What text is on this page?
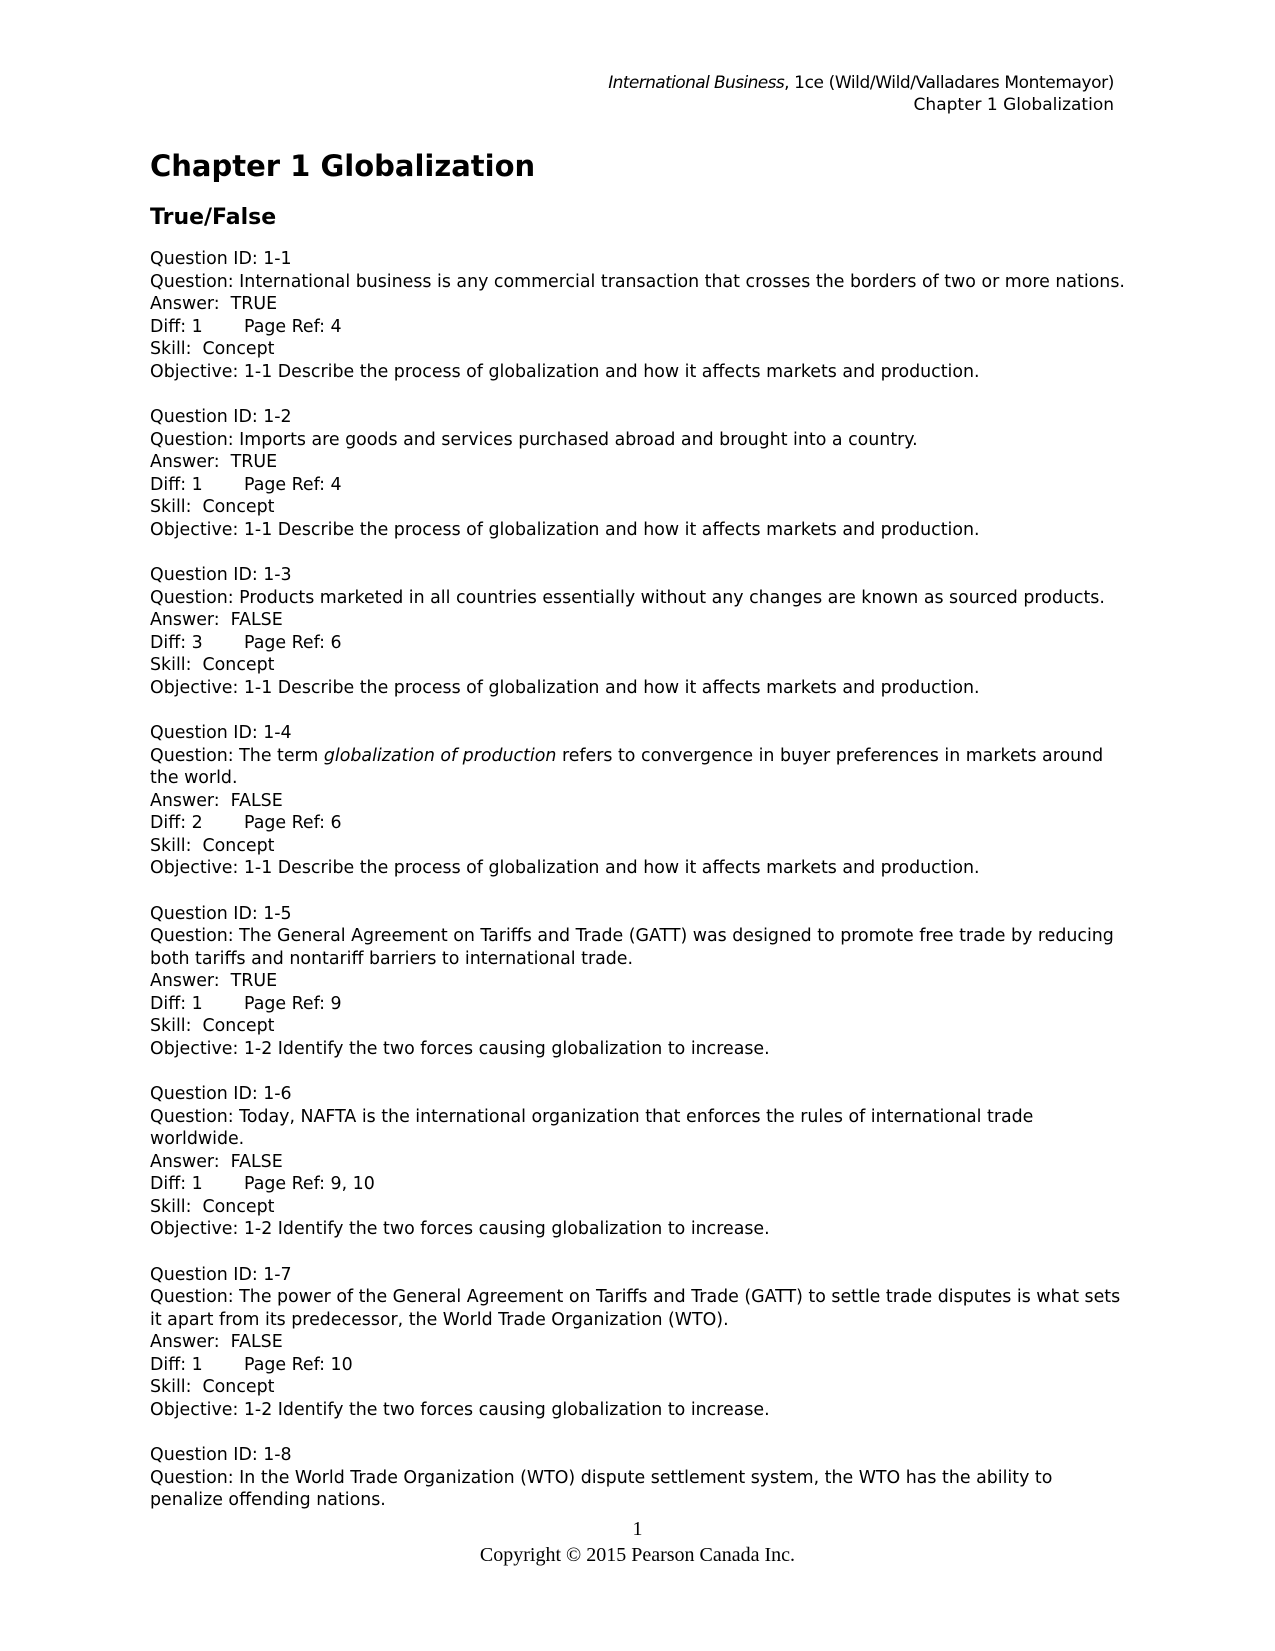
International Business, 1ce (Wild/Wild/Valladares Montemayor)
Chapter 1 Globalization
Chapter 1 Globalization
True/False
Question ID: 1-1
Question: International business is any commercial transaction that crosses the borders of two or more nations.
Answer:  TRUE
Diff: 1 Page Ref: 4
Skill:  Concept
Objective: 1-1 Describe the process of globalization and how it affects markets and production.
Question ID: 1-2
Question: Imports are goods and services purchased abroad and brought into a country.
Answer:  TRUE
Diff: 1 Page Ref: 4
Skill:  Concept
Objective: 1-1 Describe the process of globalization and how it affects markets and production.
Question ID: 1-3
Question: Products marketed in all countries essentially without any changes are known as sourced products.
Answer:  FALSE
Diff: 3 Page Ref: 6
Skill:  Concept
Objective: 1-1 Describe the process of globalization and how it affects markets and production.
Question ID: 1-4
Question: The term globalization of production refers to convergence in buyer preferences in markets around the world.
Answer:  FALSE
Diff: 2 Page Ref: 6
Skill:  Concept
Objective: 1-1 Describe the process of globalization and how it affects markets and production.
Question ID: 1-5
Question: The General Agreement on Tariffs and Trade (GATT) was designed to promote free trade by reducing both tariffs and nontariff barriers to international trade.
Answer:  TRUE
Diff: 1 Page Ref: 9
Skill:  Concept
Objective: 1-2 Identify the two forces causing globalization to increase.
Question ID: 1-6
Question: Today, NAFTA is the international organization that enforces the rules of international trade worldwide.
Answer:  FALSE
Diff: 1 Page Ref: 9, 10
Skill:  Concept
Objective: 1-2 Identify the two forces causing globalization to increase.
Question ID: 1-7
Question: The power of the General Agreement on Tariffs and Trade (GATT) to settle trade disputes is what sets it apart from its predecessor, the World Trade Organization (WTO).
Answer:  FALSE
Diff: 1 Page Ref: 10
Skill:  Concept
Objective: 1-2 Identify the two forces causing globalization to increase.
Question ID: 1-8
Question: In the World Trade Organization (WTO) dispute settlement system, the WTO has the ability to penalize offending nations.
1
Copyright © 2015 Pearson Canada Inc.
